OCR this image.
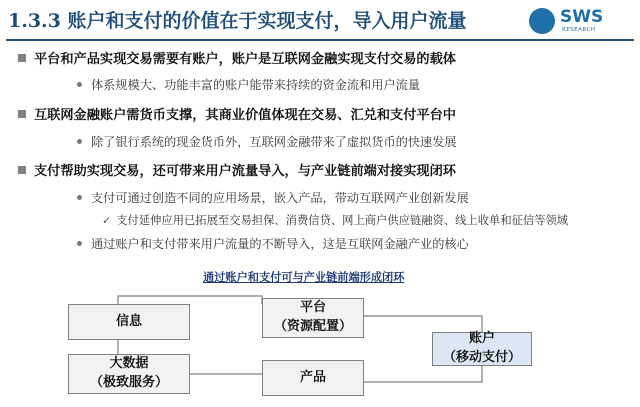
1.3.3 账户和支付的价值在于实现支付，导入用户流量	SWS
RESEARCH
平台和产品实现交易需要有账户，账户是互联网金融实现支付交易的载体
体系规模大、功能丰富的账户能带来持续的资金流和用户流量
互联网金融账户需货币支撑，其商业价值体现在交易、汇兑和支付平台中
除了银行系统的现金货币外，互联网金融带来了虚拟货币的快速发展
支付帮助实现交易，还可带来用户流量导入，与产业链前端对接实现闭环
支付可通过创造不同的应用场景，嵌入产品，带动互联网产业创新发展
✓ 支付延伸应用已拓展至交易担保、消费信贷、网上商户供应链融资、线上收单和征信等领域
通过账户和支付带来用户流量的不断导入，这是互联网金融产业的核心
通过账户和支付可与产业链前端形成闭环
信息
平台
（资源配置）
账户
（移动支付）
大数据
（极致服务）	产品
